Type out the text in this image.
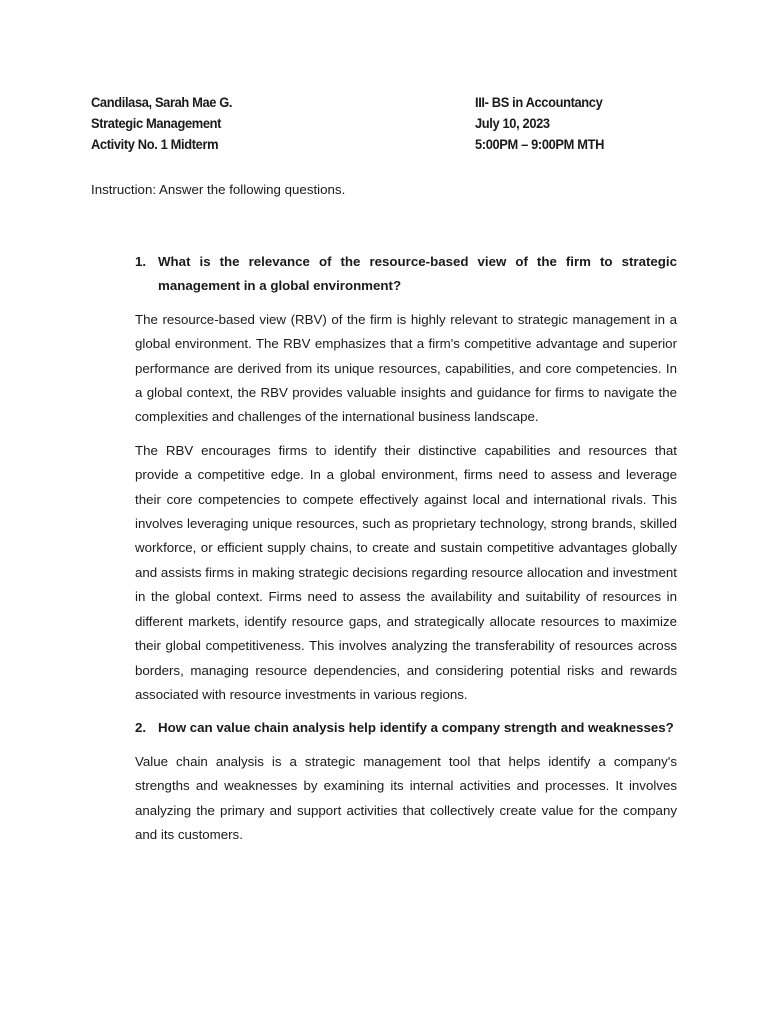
Candilasa, Sarah Mae G.
Strategic Management
Activity No. 1 Midterm
III- BS in Accountancy
July 10, 2023
5:00PM – 9:00PM MTH
Instruction: Answer the following questions.
1. What is the relevance of the resource-based view of the firm to strategic management in a global environment?

The resource-based view (RBV) of the firm is highly relevant to strategic management in a global environment. The RBV emphasizes that a firm's competitive advantage and superior performance are derived from its unique resources, capabilities, and core competencies. In a global context, the RBV provides valuable insights and guidance for firms to navigate the complexities and challenges of the international business landscape.

The RBV encourages firms to identify their distinctive capabilities and resources that provide a competitive edge. In a global environment, firms need to assess and leverage their core competencies to compete effectively against local and international rivals. This involves leveraging unique resources, such as proprietary technology, strong brands, skilled workforce, or efficient supply chains, to create and sustain competitive advantages globally and assists firms in making strategic decisions regarding resource allocation and investment in the global context. Firms need to assess the availability and suitability of resources in different markets, identify resource gaps, and strategically allocate resources to maximize their global competitiveness. This involves analyzing the transferability of resources across borders, managing resource dependencies, and considering potential risks and rewards associated with resource investments in various regions.

2. How can value chain analysis help identify a company strength and weaknesses?

Value chain analysis is a strategic management tool that helps identify a company's strengths and weaknesses by examining its internal activities and processes. It involves analyzing the primary and support activities that collectively create value for the company and its customers.
